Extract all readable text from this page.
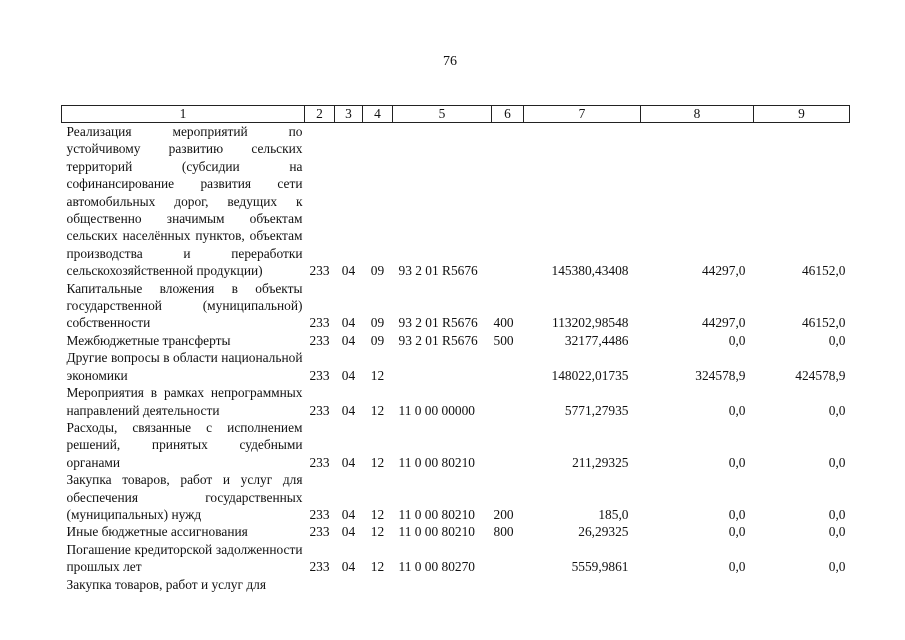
76
1	2	3	4	5	6	7	8	9
Реализация мероприятий по устойчивому развитию сельских территорий (субсидии на софинансирование развития сети автомобильных дорог, ведущих к общественно значимым объектам сельских населённых пунктов, объектам производства и переработки сельскохозяйственной продукции)	233	04	09	93 2 01 R5676		145380,43408	44297,0	46152,0
Капитальные вложения в объекты государственной (муниципальной) собственности	233	04	09	93 2 01 R5676	400	113202,98548	44297,0	46152,0
Межбюджетные трансферты	233	04	09	93 2 01 R5676	500	32177,4486	0,0	0,0
Другие вопросы в области национальной экономики	233	04	12			148022,01735	324578,9	424578,9
Мероприятия в рамках непрограммных направлений деятельности	233	04	12	11 0 00 00000		5771,27935	0,0	0,0
Расходы, связанные с исполнением решений, принятых судебными органами	233	04	12	11 0 00 80210		211,29325	0,0	0,0
Закупка товаров, работ и услуг для обеспечения государственных (муниципальных) нужд	233	04	12	11 0 00 80210	200	185,0	0,0	0,0
Иные бюджетные ассигнования	233	04	12	11 0 00 80210	800	26,29325	0,0	0,0
Погашение кредиторской задолженности прошлых лет	233	04	12	11 0 00 80270		5559,9861	0,0	0,0
Закупка товаров, работ и услуг для								
